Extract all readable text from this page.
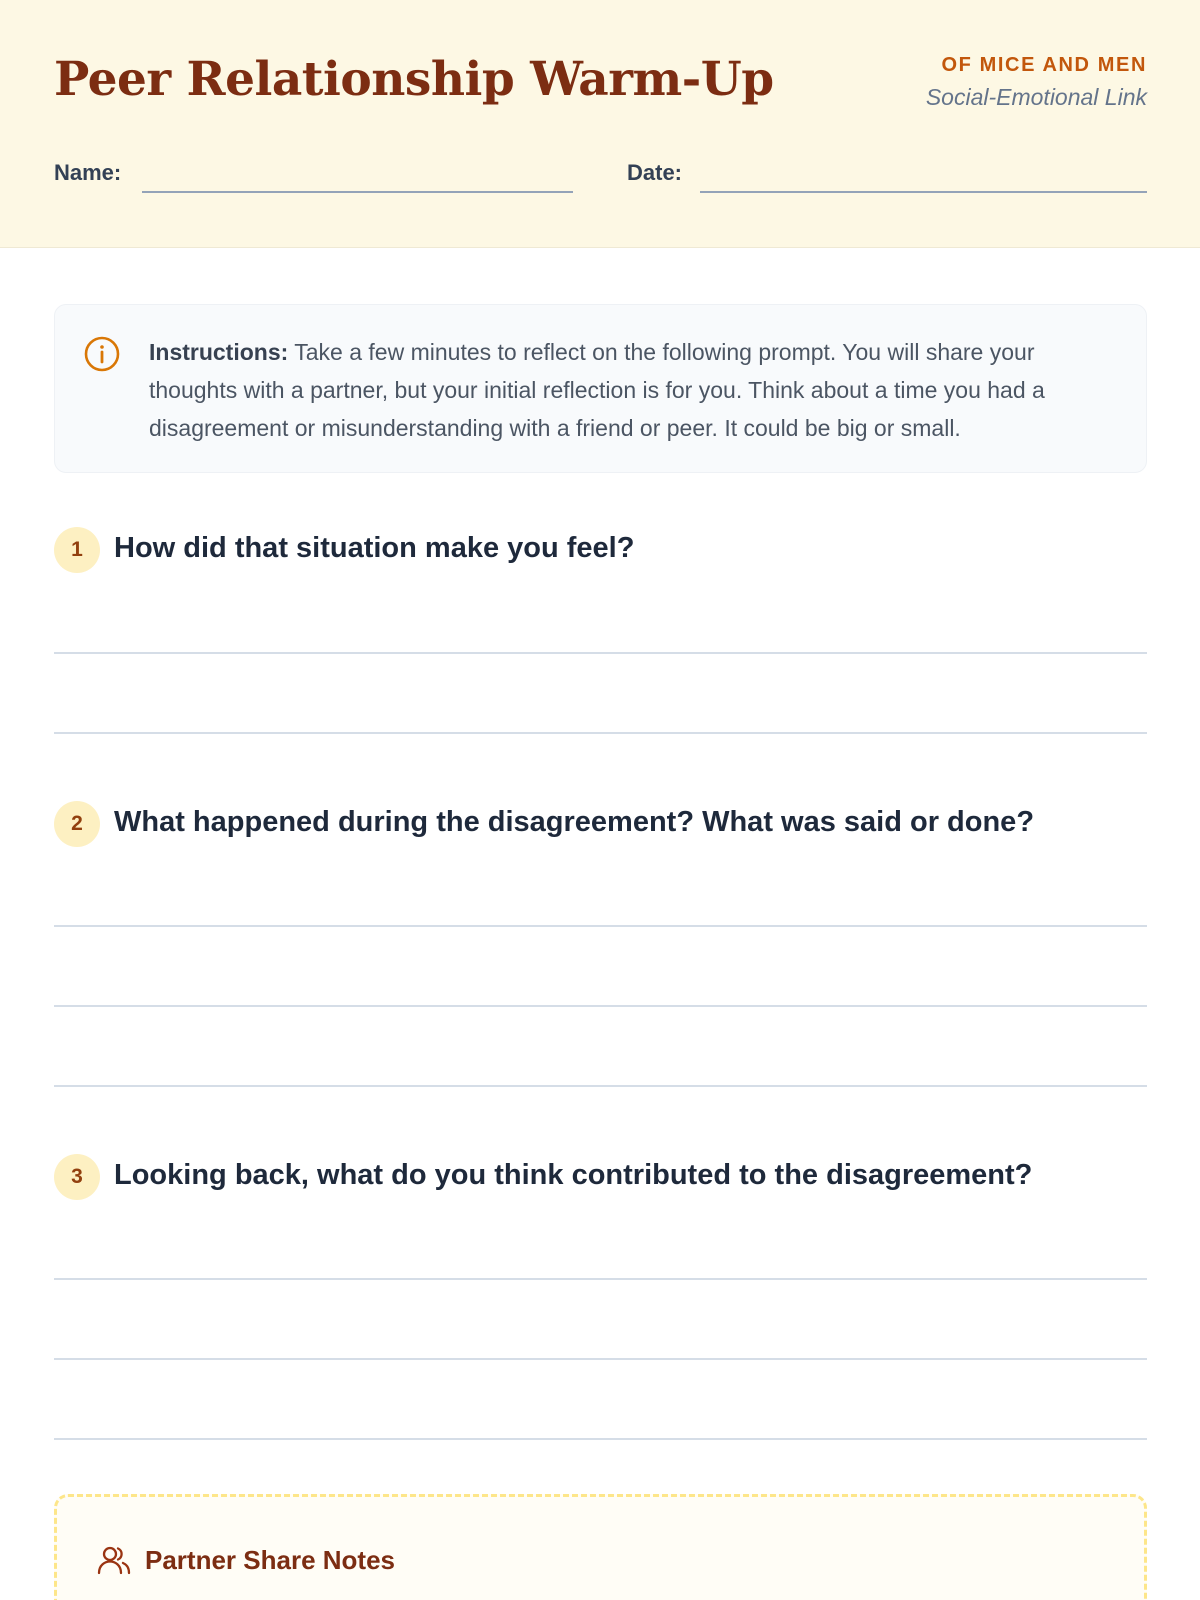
Peer Relationship Warm-Up	OF MICE AND MEN
Social-Emotional Link
Name:	Date:

Instructions: Take a few minutes to reflect on the following prompt. You will share your thoughts with a partner, but your initial reflection is for you. Think about a time you had a disagreement or misunderstanding with a friend or peer. It could be big or small.

1	How did that situation make you feel?
2	What happened during the disagreement? What was said or done?
3	Looking back, what do you think contributed to the disagreement?
Partner Share Notes
